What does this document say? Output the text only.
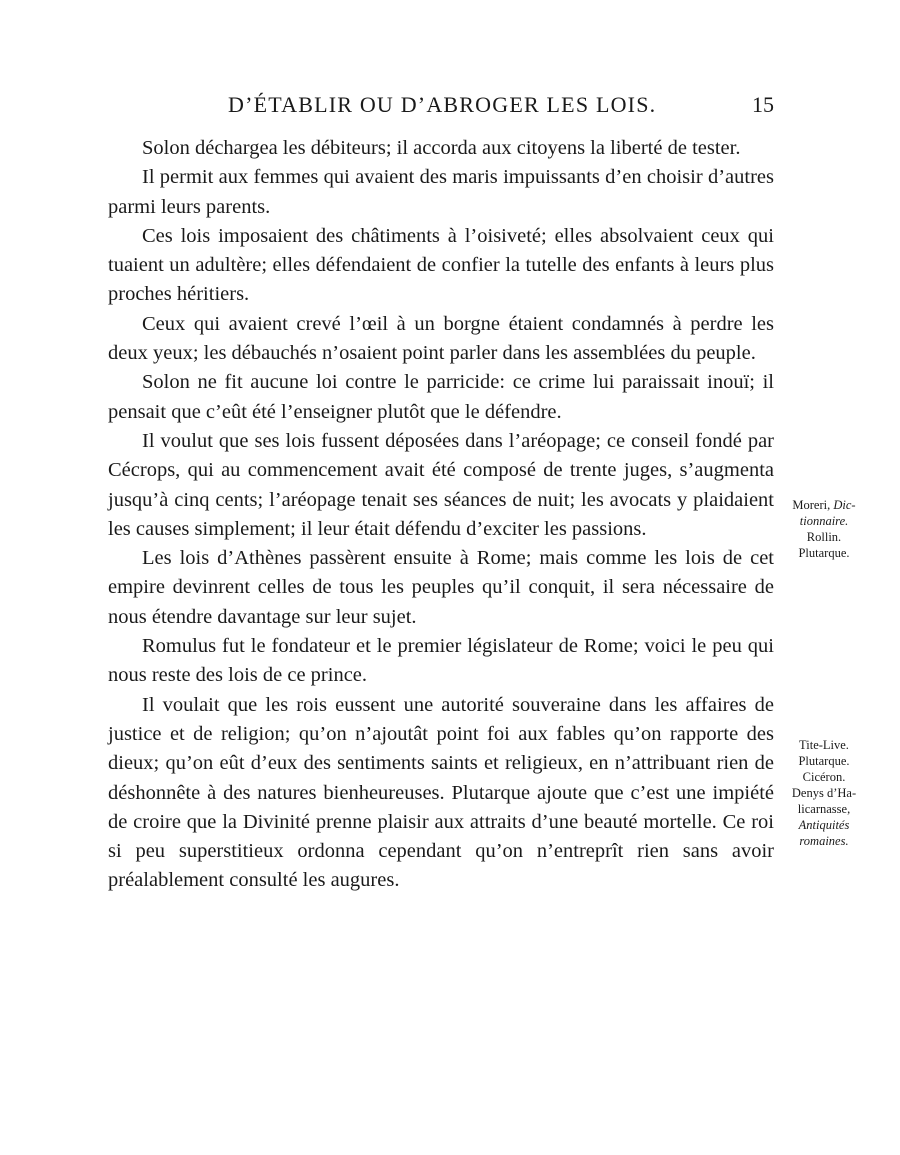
D’ÉTABLIR OU D’ABROGER LES LOIS.	15

Solon déchargea les débiteurs; il accorda aux citoyens la liberté de tester.

Il permit aux femmes qui avaient des maris impuissants d’en choisir d’autres parmi leurs parents.

Ces lois imposaient des châtiments à l’oisiveté; elles absolvaient ceux qui tuaient un adultère; elles défendaient de confier la tutelle des enfants à leurs plus proches héritiers.

Ceux qui avaient crevé l’œil à un borgne étaient condamnés à perdre les deux yeux; les débauchés n’osaient point parler dans les assemblées du peuple.

Solon ne fit aucune loi contre le parricide: ce crime lui paraissait inouï; il pensait que c’eût été l’enseigner plutôt que le défendre.

Il voulut que ses lois fussent déposées dans l’aréopage; ce conseil fondé par Cécrops, qui au commencement avait été composé de trente juges, s’augmenta jusqu’à cinq cents; l’aréopage tenait ses séances de nuit; les avocats y plaidaient les causes simplement; il leur était défendu d’exciter les passions.

Les lois d’Athènes passèrent ensuite à Rome; mais comme les lois de cet empire devinrent celles de tous les peuples qu’il conquit, il sera nécessaire de nous étendre davantage sur leur sujet.

Romulus fut le fondateur et le premier législateur de Rome; voici le peu qui nous reste des lois de ce prince.

Il voulait que les rois eussent une autorité souveraine dans les affaires de justice et de religion; qu’on n’ajoutât point foi aux fables qu’on rapporte des dieux; qu’on eût d’eux des sentiments saints et religieux, en n’attribuant rien de déshonnête à des natures bienheureuses. Plutarque ajoute que c’est une impiété de croire que la Divinité prenne plaisir aux attraits d’une beauté mortelle. Ce roi si peu superstitieux ordonna cependant qu’on n’entreprît rien sans avoir préalablement consulté les augures.

Moreri, Dic-
tionnaire.
Rollin.
Plutarque.
Tite-Live.
Plutarque.
Cicéron.
Denys d’Ha-
licarnasse,
Antiquités
romaines.
